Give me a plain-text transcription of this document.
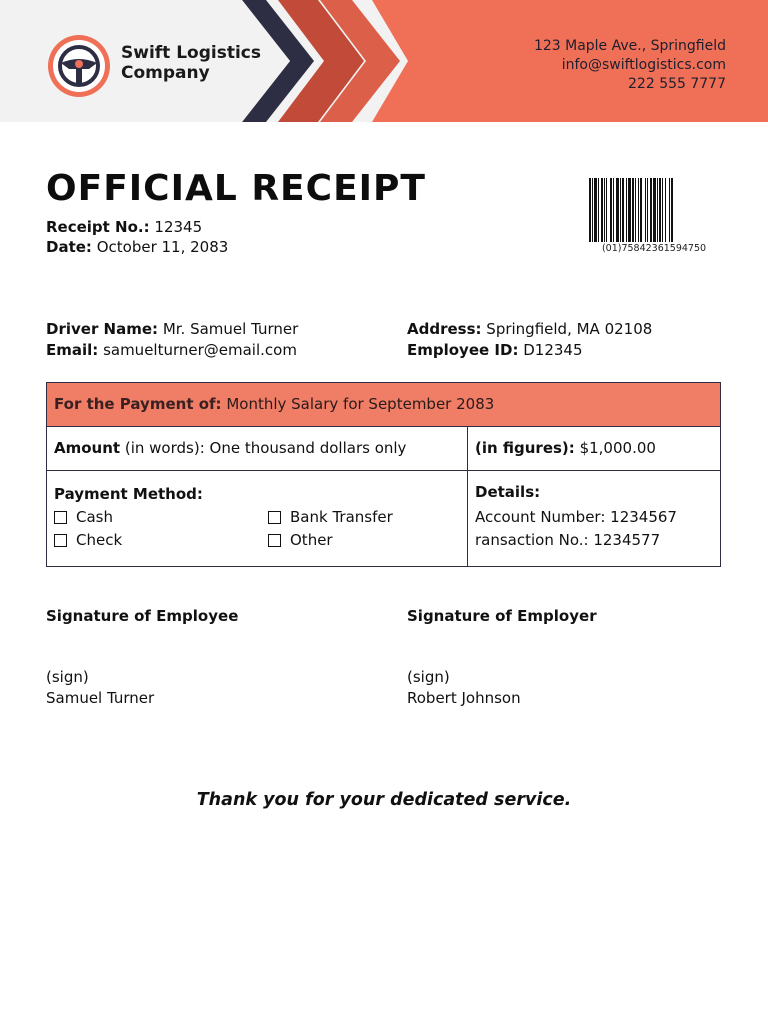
Swift Logistics
Company
123 Maple Ave., Springfield
info@swiftlogistics.com
222 555 7777
OFFICIAL RECEIPT
Receipt No.: 12345
Date: October 11, 2083	(01)75842361594750
Driver Name: Mr. Samuel Turner
Email: samuelturner@email.com
Address: Springfield, MA 02108
Employee ID: D12345
For the Payment of: Monthly Salary for September 2083
Amount (in words): One thousand dollars only	(in figures): $1,000.00
Payment Method:
Cash	Bank Transfer
Check	Other
Details:
Account Number: 1234567
ransaction No.: 1234577
Signature of Employee
(sign)
Samuel Turner
Signature of Employer
(sign)
Robert Johnson
Thank you for your dedicated service.
